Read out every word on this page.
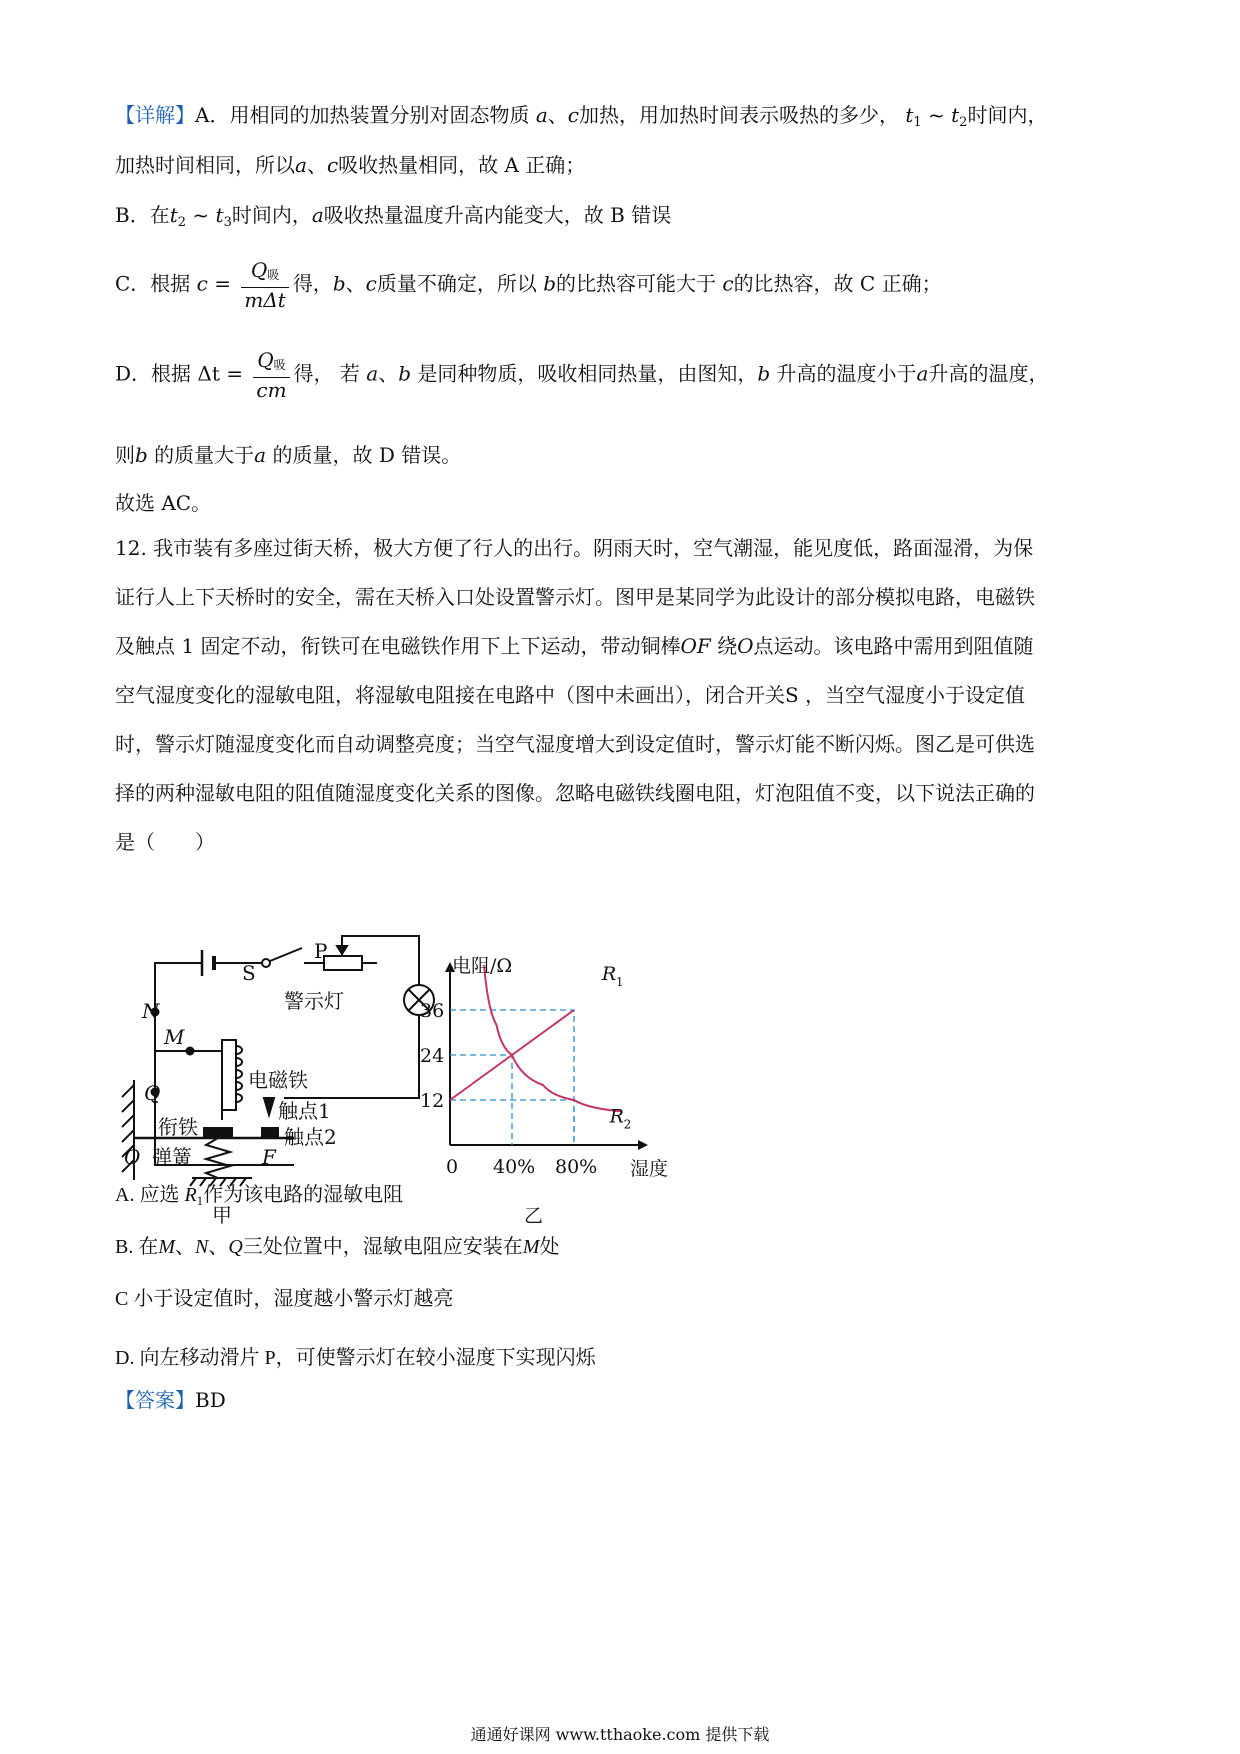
【详解】A．用相同的加热装置分别对固态物质 a、c加热，用加热时间表示吸热的多少， $t_1$ ~ $t_2$时间内，
加热时间相同，所以a、c吸收热量相同，故 A 正确；
B．在$t_2$ ~ $t_3$时间内，a吸收热量温度升高内能变大，故 B 错误
C．根据 $c = \frac{\text{Q吸}}{\text{mΔt}}$ 得，b、c质量不确定，所以 b的比热容可能大于 c的比热容，故 C 正确；
D．根据 $\Delta t = \frac{\text{Q吸}}{cm}$ 得， 若 a、b 是同种物质，吸收相同热量，由图知，b 升高的温度小于a升高的温度，
则b 的质量大于a 的质量，故 D 错误。
故选 AC。
12. 我市装有多座过街天桥，极大方便了行人的出行。阴雨天时，空气潮湿，能见度低，路面湿滑，为保
证行人上下天桥时的安全，需在天桥入口处设置警示灯。图甲是某同学为此设计的部分模拟电路，电磁铁
及触点 1 固定不动，衔铁可在电磁铁作用下上下运动，带动铜棒OF 绕O点运动。该电路中需用到阻值随
空气湿度变化的湿敏电阻，将湿敏电阻接在电路中（图中未画出），闭合开关S ，当空气湿度小于设定值
时，警示灯随湿度变化而自动调整亮度；当空气湿度增大到设定值时，警示灯能不断闪烁。图乙是可供选
择的两种湿敏电阻的阻值随湿度变化关系的图像。忽略电磁铁线圈电阻，灯泡阻值不变，以下说法正确的
是（　　）
P
S
警示灯
N
M
电磁铁
Q
触点1
衔铁	触点2
O 弹簧	F
甲
电阻/Ω
湿度
0 40% 80%
12
24
36
R 1
R 2
乙
A. 应选 $R_1$作为该电路的湿敏电阻
B. 在M、N、Q三处位置中，湿敏电阻应安装在M处
C 小于设定值时，湿度越小警示灯越亮
D. 向左移动滑片 P，可使警示灯在较小湿度下实现闪烁
【答案】BD
通通好课网 www.tthaoke.com 提供下载
